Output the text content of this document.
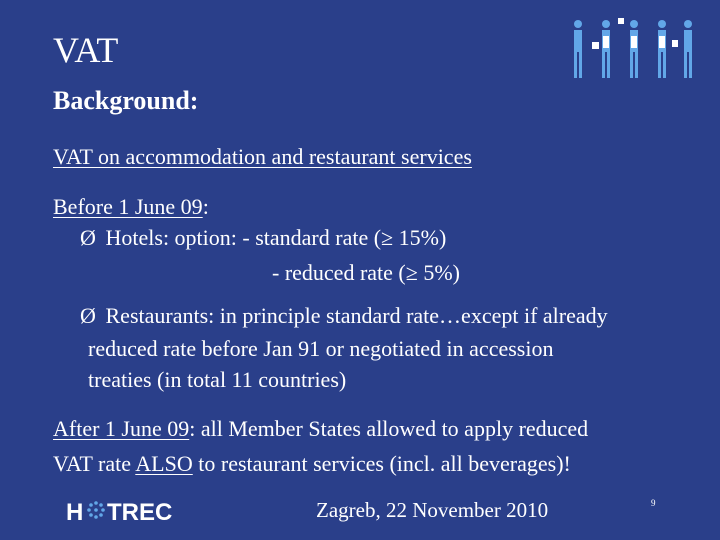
VAT
Background:
VAT on accommodation and restaurant services
Before 1 June 09:
Ø Hotels: option: - standard rate (≥ 15%)
- reduced rate (≥ 5%)
Ø Restaurants: in principle standard rate…except if already
reduced rate before Jan 91 or negotiated in accession
treaties (in total 11 countries)
After 1 June 09: all Member States allowed to apply reduced
VAT rate ALSO to restaurant services (incl. all beverages)!
H TREC	Zagreb, 22 November 2010	9
